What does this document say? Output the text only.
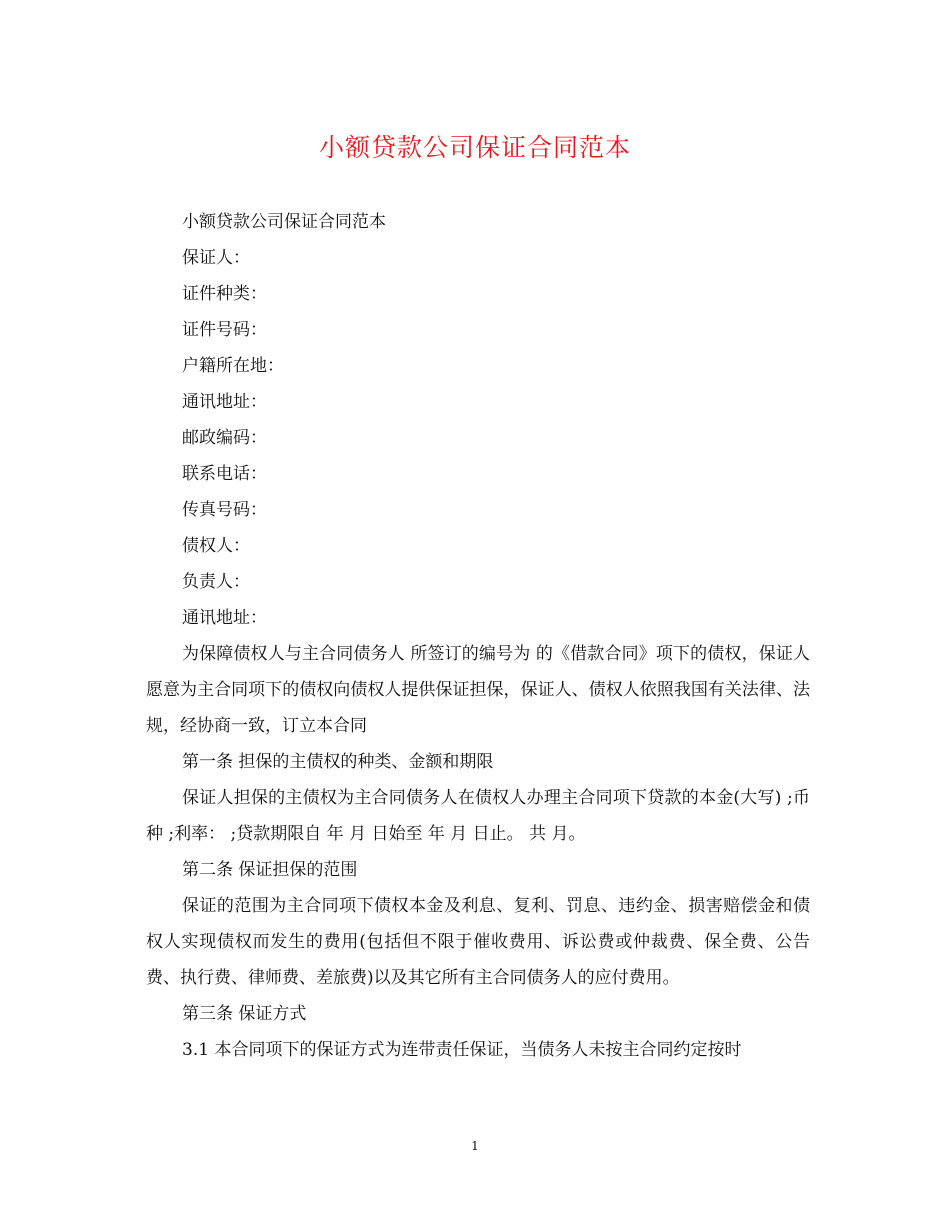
小额贷款公司保证合同范本

小额贷款公司保证合同范本

保证人：

证件种类：

证件号码：

户籍所在地：

通讯地址：

邮政编码：

联系电话：

传真号码：

债权人：

负责人：

通讯地址：

为保障债权人与主合同债务人 所签订的编号为 的《借款合同》项下的债权，保证人愿意为主合同项下的债权向债权人提供保证担保，保证人、债权人依照我国有关法律、法规，经协商一致，订立本合同

第一条 担保的主债权的种类、金额和期限

保证人担保的主债权为主合同债务人在债权人办理主合同项下贷款的本金(大写) ;币种 ;利率： ;贷款期限自 年 月 日始至 年 月 日止。 共 月。

第二条 保证担保的范围

保证的范围为主合同项下债权本金及利息、复利、罚息、违约金、损害赔偿金和债权人实现债权而发生的费用(包括但不限于催收费用、诉讼费或仲裁费、保全费、公告费、执行费、律师费、差旅费)以及其它所有主合同债务人的应付费用。

第三条 保证方式

3.1 本合同项下的保证方式为连带责任保证，当债务人未按主合同约定按时

1
